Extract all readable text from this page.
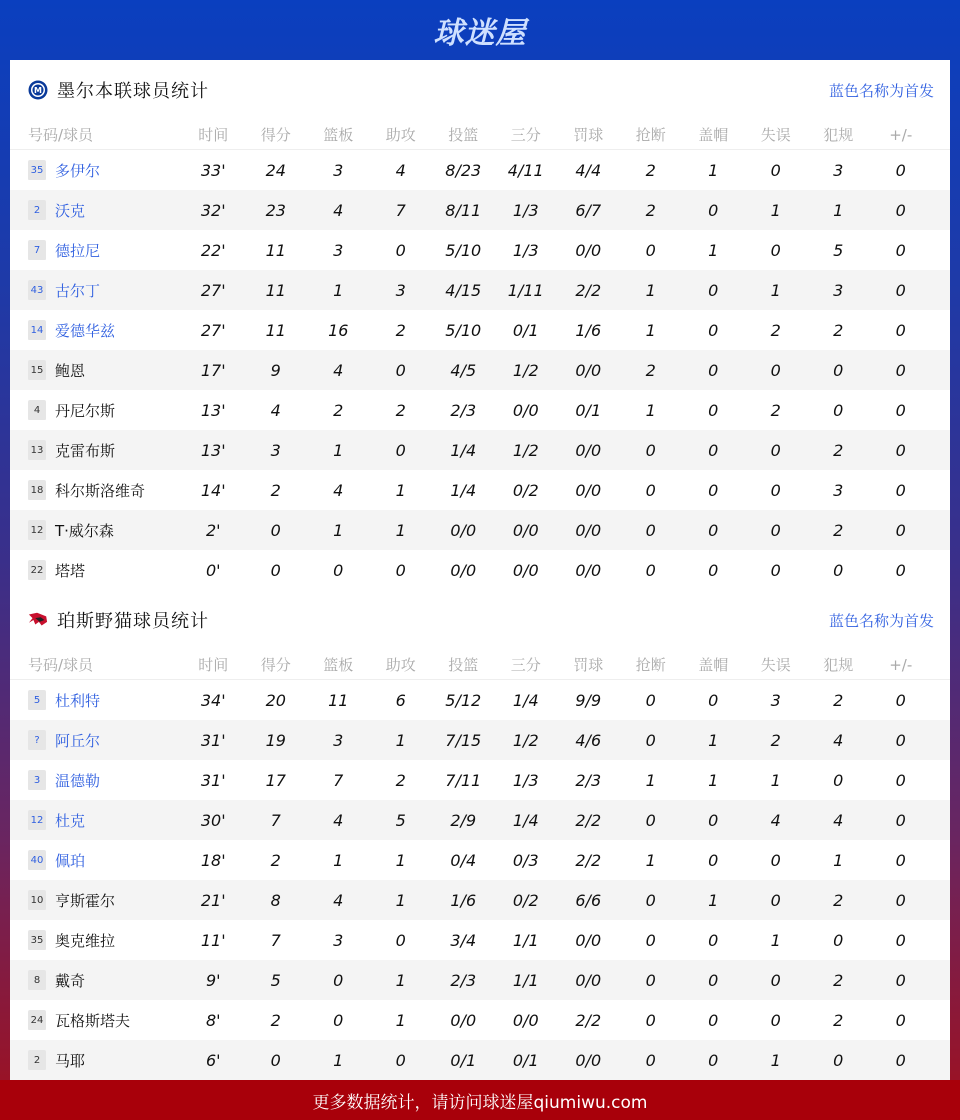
球迷屋
M 墨尔本联球员统计	蓝色名称为首发
号码/球员	时间	得分	篮板	助攻	投篮	三分	罚球	抢断	盖帽	失误	犯规	+/-
35 多伊尔	33'	24	3	4	8/23	4/11	4/4	2	1	0	3	0
2 沃克	32'	23	4	7	8/11	1/3	6/7	2	0	1	1	0
7 德拉尼	22'	11	3	0	5/10	1/3	0/0	0	1	0	5	0
43 古尔丁	27'	11	1	3	4/15	1/11	2/2	1	0	1	3	0
14 爱德华兹	27'	11	16	2	5/10	0/1	1/6	1	0	2	2	0
15 鲍恩	17'	9	4	0	4/5	1/2	0/0	2	0	0	0	0
4 丹尼尔斯	13'	4	2	2	2/3	0/0	0/1	1	0	2	0	0
13 克雷布斯	13'	3	1	0	1/4	1/2	0/0	0	0	0	2	0
18 科尔斯洛维奇	14'	2	4	1	1/4	0/2	0/0	0	0	0	3	0
12 T·威尔森	2'	0	1	1	0/0	0/0	0/0	0	0	0	2	0
22 塔塔	0'	0	0	0	0/0	0/0	0/0	0	0	0	0	0
珀斯野猫球员统计	蓝色名称为首发
号码/球员	时间	得分	篮板	助攻	投篮	三分	罚球	抢断	盖帽	失误	犯规	+/-
5 杜利特	34'	20	11	6	5/12	1/4	9/9	0	0	3	2	0
?	阿丘尔	31'	19	3	1	7/15	1/2	4/6	0	1	2	4	0
3 温德勒	31'	17	7	2	7/11	1/3	2/3	1	1	1	0	0
12 杜克	30'	7	4	5	2/9	1/4	2/2	0	0	4	4	0
40 佩珀	18'	2	1	1	0/4	0/3	2/2	1	0	0	1	0
10 亨斯霍尔	21'	8	4	1	1/6	0/2	6/6	0	1	0	2	0
35 奥克维拉	11'	7	3	0	3/4	1/1	0/0	0	0	1	0	0
8 戴奇	9'	5	0	1	2/3	1/1	0/0	0	0	0	2	0
24 瓦格斯塔夫	8'	2	0	1	0/0	0/0	2/2	0	0	0	2	0
2 马耶	6'	0	1	0	0/1	0/1	0/0	0	0	1	0	0
更多数据统计，请访问球迷屋qiumiwu.com
